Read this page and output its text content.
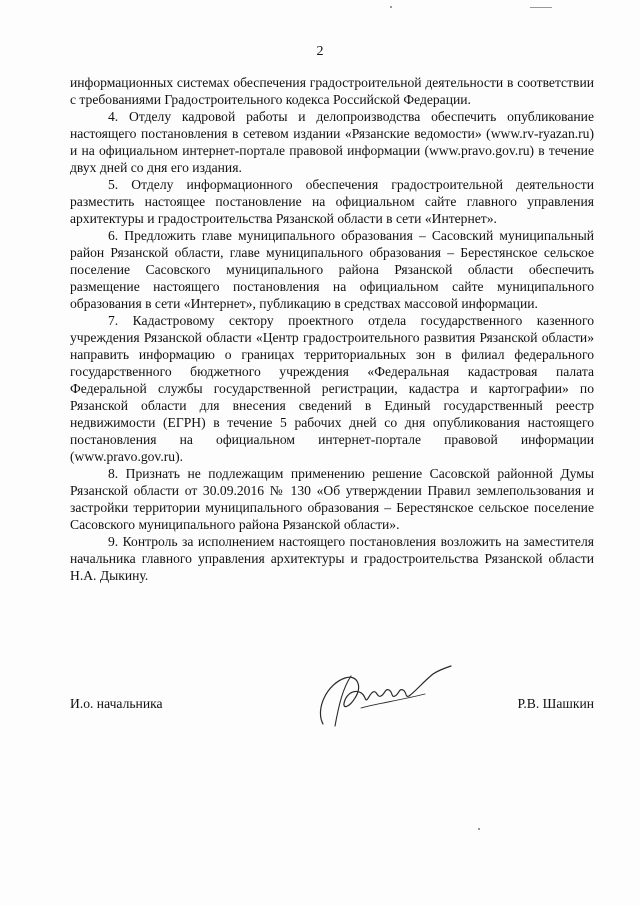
2

информационных системах обеспечения градостроительной деятельности в соответствии с требованиями Градостроительного кодекса Российской Федерации.

4. Отделу кадровой работы и делопроизводства обеспечить опубликование настоящего постановления в сетевом издании «Рязанские ведомости» (www.rv-ryazan.ru) и на официальном интернет-портале правовой информации (www.pravo.gov.ru) в течение двух дней со дня его издания.

5. Отделу информационного обеспечения градостроительной деятельности разместить настоящее постановление на официальном сайте главного управления архитектуры и градостроительства Рязанской области в сети «Интернет».

6. Предложить главе муниципального образования – Сасовский муниципальный район Рязанской области, главе муниципального образования – Берестянское сельское поселение Сасовского муниципального района Рязанской области обеспечить размещение настоящего постановления на официальном сайте муниципального образования в сети «Интернет», публикацию в средствах массовой информации.

7. Кадастровому сектору проектного отдела государственного казенного учреждения Рязанской области «Центр градостроительного развития Рязанской области» направить информацию о границах территориальных зон в филиал федерального государственного бюджетного учреждения «Федеральная кадастровая палата Федеральной службы государственной регистрации, кадастра и картографии» по Рязанской области для внесения сведений в Единый государственный реестр недвижимости (ЕГРН) в течение 5 рабочих дней со дня опубликования настоящего постановления на официальном интернет-портале правовой информации (www.pravo.gov.ru).

8. Признать не подлежащим применению решение Сасовской районной Думы Рязанской области от 30.09.2016 № 130 «Об утверждении Правил землепользования и застройки территории муниципального образования – Берестянское сельское поселение Сасовского муниципального района Рязанской области».

9. Контроль за исполнением настоящего постановления возложить на заместителя начальника главного управления архитектуры и градостроительства Рязанской области Н.А. Дыкину.

И.о. начальника	Р.В. Шашкин
